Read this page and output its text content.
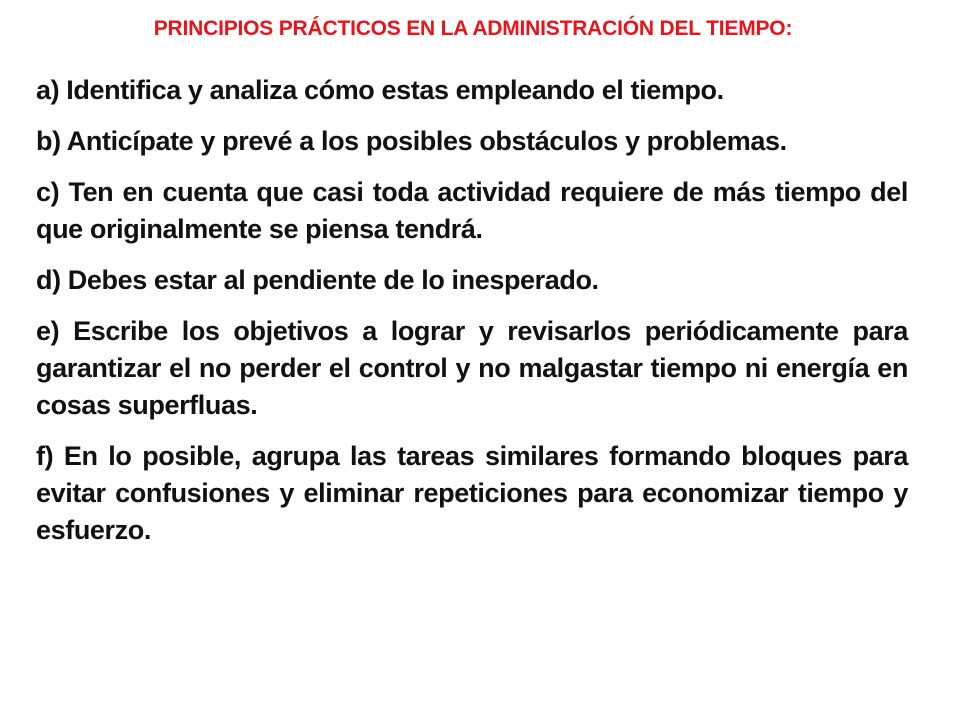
PRINCIPIOS PRÁCTICOS EN LA ADMINISTRACIÓN DEL TIEMPO:

a) Identifica y analiza cómo estas empleando el tiempo.

b) Anticípate y prevé a los posibles obstáculos y problemas.

c) Ten en cuenta que casi toda actividad requiere de más tiempo del que originalmente se piensa tendrá.

d) Debes estar al pendiente de lo inesperado.

e) Escribe los objetivos a lograr y revisarlos periódicamente para garantizar el no perder el control y no malgastar tiempo ni energía en cosas superfluas.

f) En lo posible, agrupa las tareas similares formando bloques para evitar confusiones y eliminar repeticiones para economizar tiempo y esfuerzo.
